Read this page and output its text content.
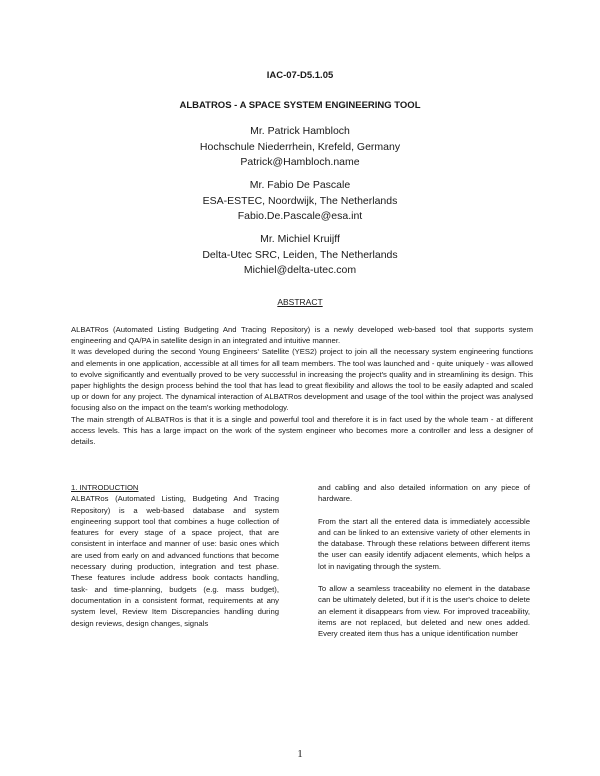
IAC-07-D5.1.05
ALBATROS - A SPACE SYSTEM ENGINEERING TOOL
Mr. Patrick Hambloch
Hochschule Niederrhein, Krefeld, Germany
Patrick@Hambloch.name
Mr. Fabio De Pascale
ESA-ESTEC, Noordwijk, The Netherlands
Fabio.De.Pascale@esa.int
Mr. Michiel Kruijff
Delta-Utec SRC, Leiden, The Netherlands
Michiel@delta-utec.com
ABSTRACT

ALBATRos (Automated Listing Budgeting And Tracing Repository) is a newly developed web-based tool that supports system engineering and QA/PA in satellite design in an integrated and intuitive manner.

It was developed during the second Young Engineers' Satellite (YES2) project to join all the necessary system engineering functions and elements in one application, accessible at all times for all team members. The tool was launched and - quite uniquely - was allowed to evolve significantly and eventually proved to be very successful in increasing the project's quality and in streamlining its design. This paper highlights the design process behind the tool that has lead to great flexibility and allows the tool to be easily adapted and scaled up or down for any project. The dynamical interaction of ALBATRos development and usage of the tool within the project was analysed focusing also on the impact on the team's working methodology.

The main strength of ALBATRos is that it is a single and powerful tool and therefore it is in fact used by the whole team - at different access levels. This has a large impact on the work of the system engineer who becomes more a controller and less a designer of details.

1. INTRODUCTION

ALBATRos (Automated Listing, Budgeting And Tracing Repository) is a web-based database and system engineering support tool that combines a huge collection of features for every stage of a space project, that are consistent in interface and manner of use: basic ones which are used from early on and advanced functions that become necessary during production, integration and test phase. These features include address book contacts handling, task- and time-planning, budgets (e.g. mass budget), documentation in a consistent format, requirements at any system level, Review Item Discrepancies handling during design reviews, design changes, signals

and cabling and also detailed information on any piece of hardware.

From the start all the entered data is immediately accessible and can be linked to an extensive variety of other elements in the database. Through these relations between different items the user can easily identify adjacent elements, which helps a lot in navigating through the system.

To allow a seamless traceability no element in the database can be ultimately deleted, but if it is the user's choice to delete an element it disappears from view. For improved traceability, items are not replaced, but deleted and new ones added. Every created item thus has a unique identification number

1
